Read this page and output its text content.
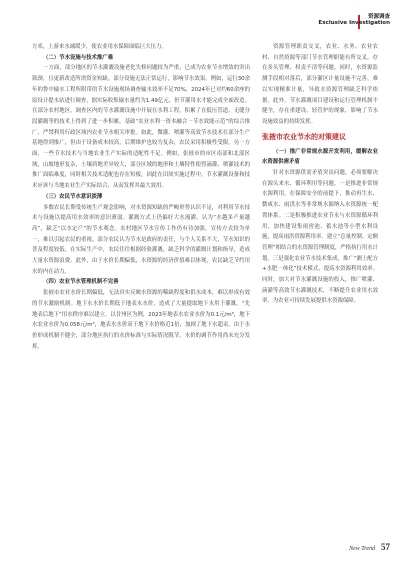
资源调查
Exclusive Investigation

方米，上游来水减缓少，使农业用水保障面临巨大压力。

（二）节水设施与技术推广难

一方面，部分地区的节水灌溉设施老化失修问题较为严重，已成为农业节水增效的突出瓶颈，且更新改造所需资金短缺。部分设施无法正常运行，影响节水效果。例如，运行30余年的鲁中输水工程所附带的节水设施现场调查输水效率不足70%，2024年已对约60余座的原设计提水站进行调查，据实际收集输水量约为1.49亿元。但节灌用水才能完成全面改造。在部分农村地区，调查区内的节水灌溉设施中开展在水利工程，积累了在低压管道、无缝分段灌溉等的技术上得到了进一步积累，基础“农业水利一资本融合一节水效能示范”的综合推广，严禁利用行政区域内农业节水相关审批。如此，微灌、喷灌等高效节水技术在部分生产基地得到推广，但由于设备成本较高，后期维护也较为复杂，农民采用积极性受限。另一方面，一些节水技术与当地农业生产实际的适配性不足。例如，张掖市的市区南部和北部区域，山坡地形复杂，土壤质地差异较大，部分区域的地形和土壤特性使得滴灌、喷灌技术的推广面临难度，同时相关技术适配也存在短板。因此在田间实施过程中，节水灌溉设备和技术应该与当地农业生产实际结合，从而发挥其最大效用。

（三）农民节水意识淡薄

多数农民长期受传统生产观念影响，对水资源短缺的严峻形势认识不足，对利用节水技术与设施以提高用水效率的意识薄弱。灌溉方式上仍偏好大水漫灌，认为“水越多产量越高”，缺乏“以水定产”的节水观念。农村地区节水宣传工作仍有待加强，宣传方式较为单一，难以引起农民的重视。部分农民认为节水是政府的责任，与个人关系不大，节水知识的普及程度较低。在实际生产中，农民往往根据经验灌溉，缺乏科学的灌溉计划和指导，造成大量水资源浪费。此外，由于水价长期偏低，水资源的经济价值难以体现，农民缺乏节约用水的内在动力。

（四）农业节水管理机制不完善

张掖市农业水价长期偏低，无法真实反映水资源的稀缺程度和供水成本，难以形成有效的节水激励机制。地下水水价长期低于地表水水价，造成了大量提取地下水用于灌溉，“先地表后地下”用水秩序难以建立。以甘州区为例，2023年地表水农业水价为0.1元/m³，地下水农业水价为0.058元/m³，地表水水价高于地下水价格近1倍，加剧了地下水超采。由于水价形成机制不健全，部分地区执行的水价标准与实际情况脱节，水价的调节作用尚未充分发挥。

资源管理职责交叉，农业、水务、农业农村、自然资源等部门节水管理职能有所交叉，存在多头管理、权责不清等问题。同时，水资源监测手段相对落后，部分灌区计量设施不完善，难以实现精准计量，导致水资源管理缺乏科学依据。此外，节水灌溉项目建设和运行管理机制不健全，存在重建设、轻管护的现象，影响了节水设施效益的持续发挥。

张掖市农业节水的对策建议

（一）推广非常规水源开发利用，缓解农业水资源供需矛盾

针对水资源供需矛盾突出问题，必须要解决在源头来水、循环利用等问题。一是推进非常规水源利用，在保障安全的前提下，推动再生水、微咸水、雨洪水等非常规水源纳入水资源统一配置体系。二是积极推进农业节水与水资源循环利用，加快建设集雨窖池、蓄水池等小型水利设施，提高雨洪资源利用率。建立“总量控制、定额管理”相结合的水资源管理制度，严格执行用水计划。三是强化农业节水技术集成，推广“测土配方+水肥一体化”技术模式，提高水资源利用效率。同时，加大对节水灌溉设施的投入，推广喷灌、滴灌等高效节水灌溉技术，不断提升农业用水效率，为农业可持续发展提供水资源保障。

New Trend 57
